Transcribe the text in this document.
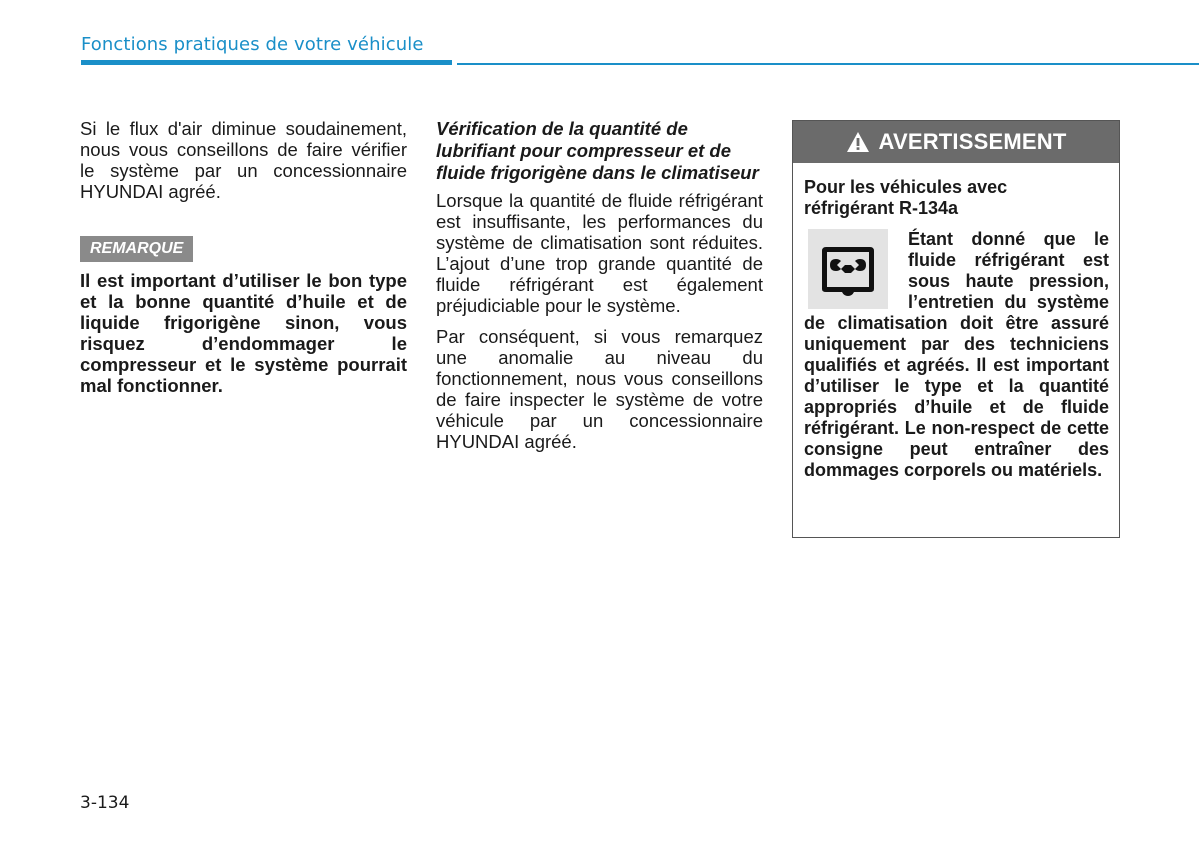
Fonctions pratiques de votre véhicule

Si le flux d'air diminue soudainement, nous vous conseillons de faire vérifier le système par un concessionnaire HYUNDAI agréé.

REMARQUE

Il est important d’utiliser le bon type et la bonne quantité d’huile et de liquide frigorigène sinon, vous risquez d’endommager le compresseur et le système pourrait mal fonctionner.

Vérification de la quantité de lubrifiant pour compresseur et de fluide frigorigène dans le climatiseur

Lorsque la quantité de fluide réfrigérant est insuffisante, les performances du système de climatisation sont réduites. L’ajout d’une trop grande quantité de fluide réfrigérant est également préjudiciable pour le système.

Par conséquent, si vous remarquez une anomalie au niveau du fonctionnement, nous vous conseillons de faire inspecter le système de votre véhicule par un concessionnaire HYUNDAI agréé.

AVERTISSEMENT

Pour les véhicules avec réfrigérant R-134a

Étant donné que le fluide réfrigérant est sous haute pression, l’entretien du système de climatisation doit être assuré uniquement par des techniciens qualifiés et agréés. Il est important d’utiliser le type et la quantité appropriés d’huile et de fluide réfrigérant. Le non-respect de cette consigne peut entraîner des dommages corporels ou matériels.

3-134
